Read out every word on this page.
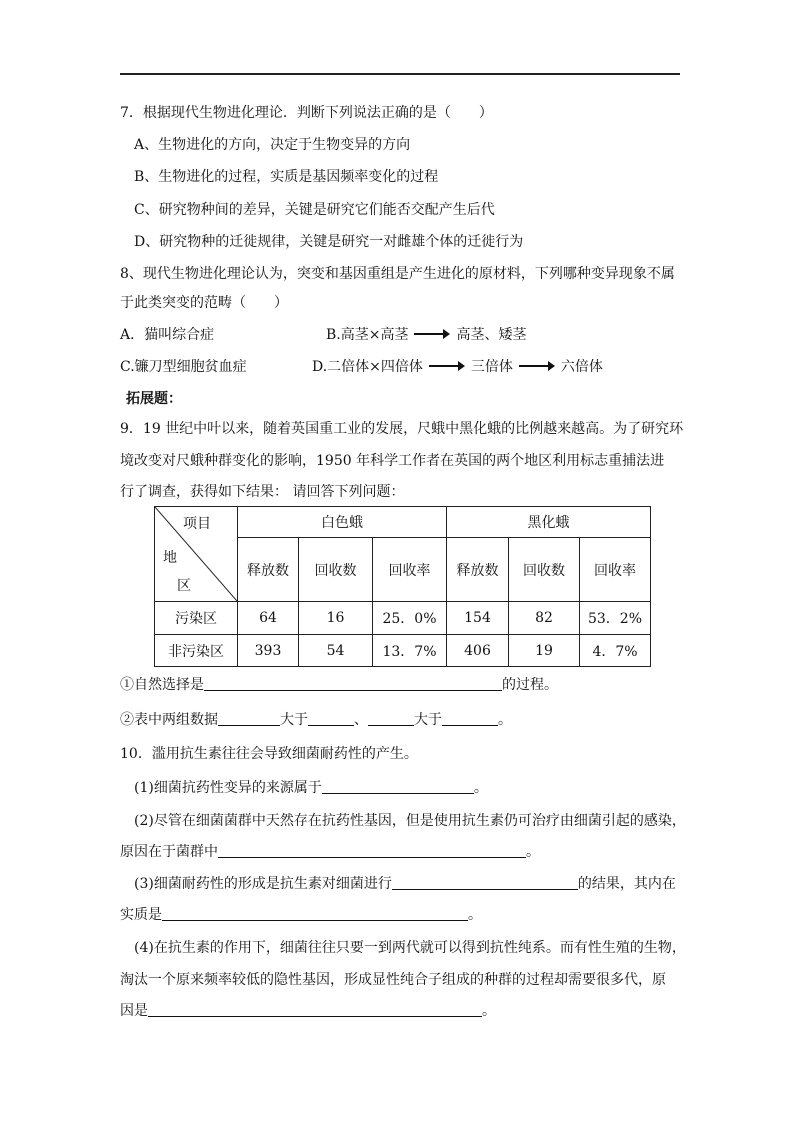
7．根据现代生物进化理论．判断下列说法正确的是（　　）
A、生物进化的方向，决定于生物变异的方向
B、生物进化的过程，实质是基因频率变化的过程
C、研究物种间的差异，关键是研究它们能否交配产生后代
D、研究物种的迁徙规律，关键是研究一对雌雄个体的迁徙行为
8、现代生物进化理论认为，突变和基因重组是产生进化的原材料，下列哪种变异现象不属
于此类突变的范畴（　　）
A．猫叫综合症	B.高茎×高茎	高茎、矮茎
C.镰刀型细胞贫血症	D.二倍体×四倍体	三倍体	六倍体
拓展题：
9．19 世纪中叶以来，随着英国重工业的发展，尺蛾中黑化蛾的比例越来越高。为了研究环
境改变对尺蛾种群变化的影响，1950 年科学工作者在英国的两个地区利用标志重捕法进
行了调查，获得如下结果： 请回答下列问题：
项目
地
区	白色蛾			黑化蛾		
	释放数	回收数	回收率	释放数	回收数	回收率
污染区	64	16	25．0%	154	82	53．2%
非污染区	393	54	13．7%	406	19	4．7%
①自然选择是	的过程。
②表中两组数据	大于	、	大于	。
10．滥用抗生素往往会导致细菌耐药性的产生。
(1)细菌抗药性变异的来源属于	。
(2)尽管在细菌菌群中天然存在抗药性基因，但是使用抗生素仍可治疗由细菌引起的感染，
原因在于菌群中	。
(3)细菌耐药性的形成是抗生素对细菌进行	的结果，其内在
实质是	。
(4)在抗生素的作用下，细菌往往只要一到两代就可以得到抗性纯系。而有性生殖的生物，
淘汰一个原来频率较低的隐性基因，形成显性纯合子组成的种群的过程却需要很多代，原
因是	。
